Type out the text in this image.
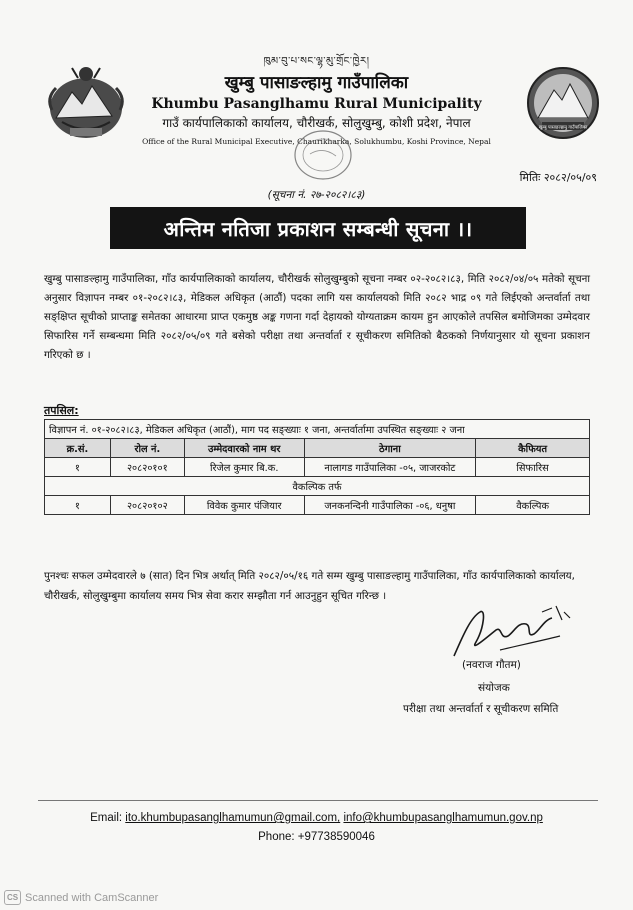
खुम्बु पासाङल्हामु गाउँपालिका
ཁུམ་བུ་པ་སང་ལྷ་མུ་གྲོང་ཁྱེར།
खुम्बु पासाङल्हामु गाउँपालिका
Khumbu Pasanglhamu Rural Municipality
गाउँ कार्यपालिकाको कार्यालय, चौरीखर्क, सोलुखुम्बु, कोशी प्रदेश, नेपाल
Office of the Rural Municipal Executive, Chaurikharka, Solukhumbu, Koshi Province, Nepal
मितिः २०८२/०५/०९
(सूचना नं. २७-२०८२।८३)
अन्तिम नतिजा प्रकाशन सम्बन्धी सूचना ।।
खुम्बु पासाङल्हामु गाउँपालिका, गाँउ कार्यपालिकाको कार्यालय, चौरीखर्क सोलुखुम्बुको सूचना नम्बर ०२-२०८२।८३, मिति २०८२/०४/०५ मतेको सूचना अनुसार विज्ञापन नम्बर ०१-२०८२।८३, मेडिकल अधिकृत (आठौं) पदका लागि यस कार्यालयको मिति २०८२ भाद्र ०९ गते लिईएको अन्तर्वार्ता तथा सङ्क्षिप्त सूचीको प्राप्ताङ्क समेतका आधारमा प्राप्त एकमुष्ठ अङ्क गणना गर्दा देहायको योग्यताक्रम कायम हुन आएकोले तपसिल बमोजिमका उम्मेदवार सिफारिस गर्ने सम्बन्धमा मिति २०८२/०५/०९ गते बसेको परीक्षा तथा अन्तर्वार्ता र सूचीकरण समितिको बैठकको निर्णयानुसार यो सूचना प्रकाशन गरिएको छ ।
तपसिल:
विज्ञापन नं. ०१-२०८२।८३, मेडिकल अधिकृत (आठौं), माग पद सङ्ख्याः १ जना, अन्तर्वार्तामा उपस्थित सङ्ख्याः २ जना				
क्र.सं.	रोल नं.	उम्मेदवारको नाम थर	ठेगाना	कैफियत
१	२०८२०१०१	रिजेल कुमार बि.क.	नालागड गाउँपालिका -०५, जाजरकोट	सिफारिस
वैकल्पिक तर्फ				
१	२०८२०१०२	विवेक कुमार पंजियार	जनकनन्दिनी गाउँपालिका -०६, धनुषा	वैकल्पिक
पुनश्चः सफल उम्मेदवारले ७ (सात) दिन भित्र अर्थात् मिति २०८२/०५/१६ गते सम्म खुम्बु पासाङल्हामु गाउँपालिका, गाँउ कार्यपालिकाको कार्यालय, चौरीखर्क, सोलुखुम्बुमा कार्यालय समय भित्र सेवा करार सम्झौता गर्न आउनुहुन सूचित गरिन्छ ।
(नवराज गौतम)
संयोजक
परीक्षा तथा अन्तर्वार्ता र सूचीकरण समिति
Email: ito.khumbupasanglhamumun@gmail.com, info@khumbupasanglhamumun.gov.np
Phone: +97738590046
CS Scanned with CamScanner
